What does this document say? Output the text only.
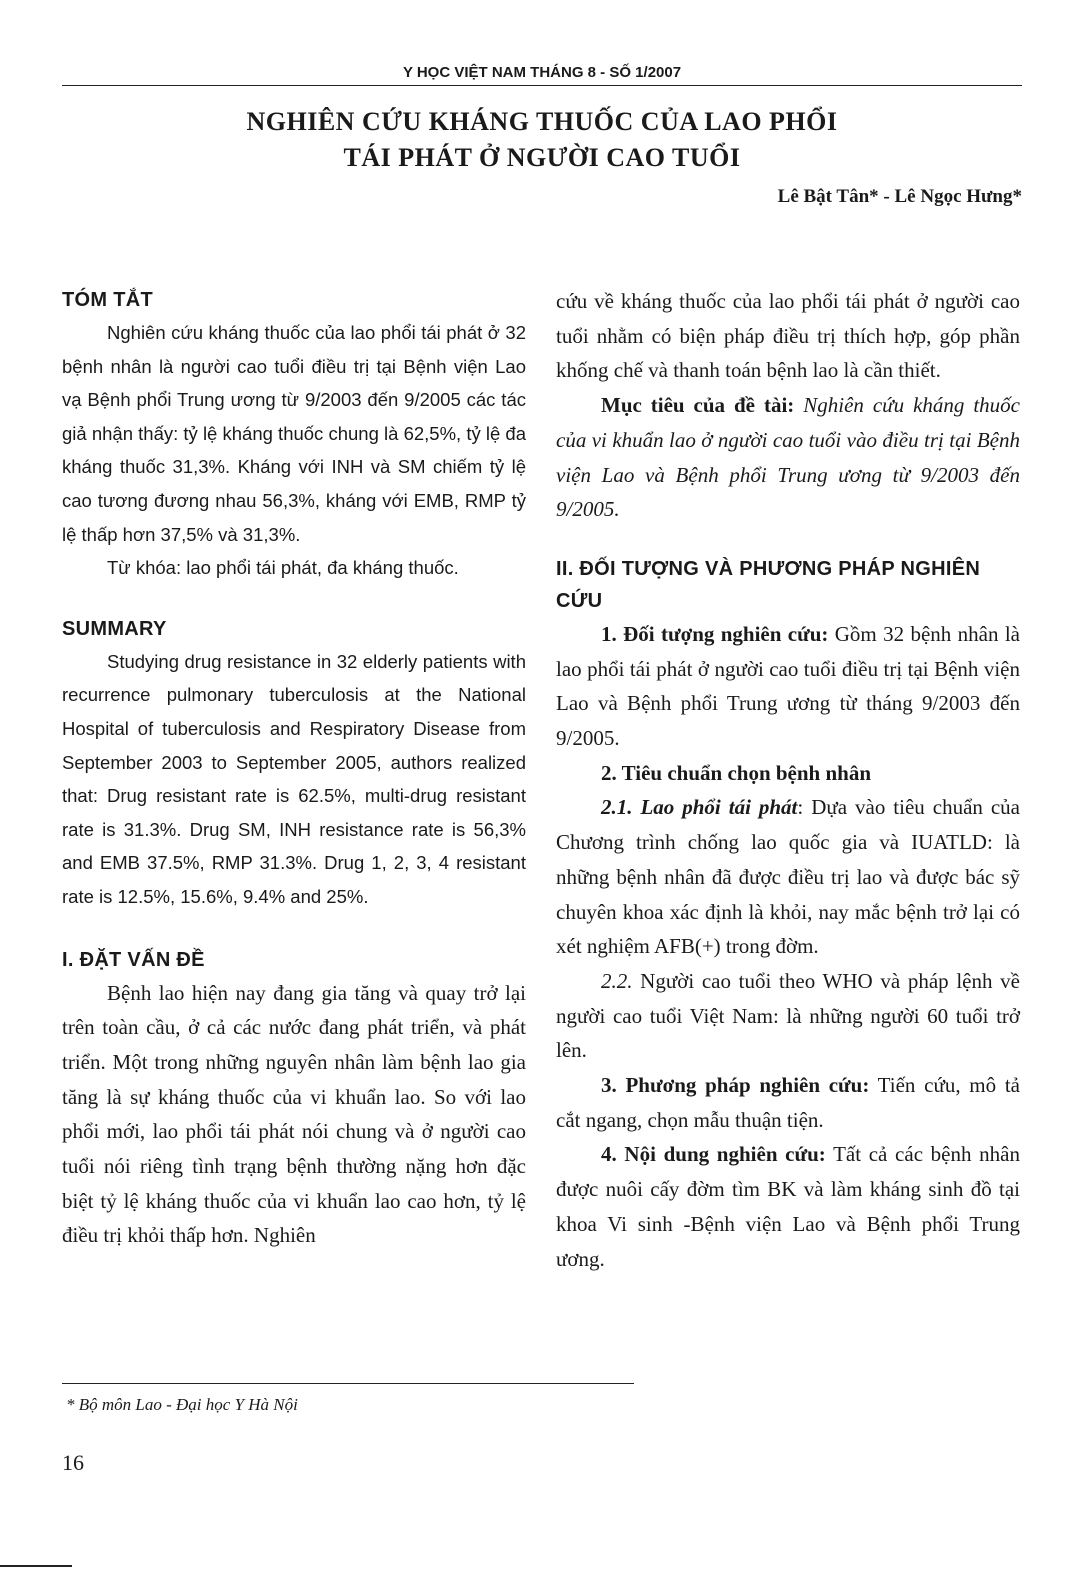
Y HỌC VIỆT NAM THÁNG 8 - SỐ 1/2007
NGHIÊN CỨU KHÁNG THUỐC CỦA LAO PHỔI
TÁI PHÁT Ở NGƯỜI CAO TUỔI
Lê Bật Tân* - Lê Ngọc Hưng*
TÓM TẮT

Nghiên cứu kháng thuốc của lao phổi tái phát ở 32 bệnh nhân là người cao tuổi điều trị tại Bệnh viện Lao vạ Bệnh phổi Trung ương từ 9/2003 đến 9/2005 các tác giả nhận thấy: tỷ lệ kháng thuốc chung là 62,5%, tỷ lệ đa kháng thuốc 31,3%. Kháng với INH và SM chiếm tỷ lệ cao tương đương nhau 56,3%, kháng với EMB, RMP tỷ lệ thấp hơn 37,5% và 31,3%.

Từ khóa: lao phổi tái phát, đa kháng thuốc.

SUMMARY

Studying drug resistance in 32 elderly patients with recurrence pulmonary tuberculosis at the National Hospital of tuberculosis and Respiratory Disease from September 2003 to September 2005, authors realized that: Drug resistant rate is 62.5%, multi-drug resistant rate is 31.3%. Drug SM, INH resistance rate is 56,3% and EMB 37.5%, RMP 31.3%. Drug 1, 2, 3, 4 resistant rate is 12.5%, 15.6%, 9.4% and 25%.

I. ĐẶT VẤN ĐỀ

Bệnh lao hiện nay đang gia tăng và quay trở lại trên toàn cầu, ở cả các nước đang phát triển, và phát triển. Một trong những nguyên nhân làm bệnh lao gia tăng là sự kháng thuốc của vi khuẩn lao. So với lao phổi mới, lao phổi tái phát nói chung và ở người cao tuổi nói riêng tình trạng bệnh thường nặng hơn đặc biệt tỷ lệ kháng thuốc của vi khuẩn lao cao hơn, tỷ lệ điều trị khỏi thấp hơn. Nghiên

cứu về kháng thuốc của lao phổi tái phát ở người cao tuổi nhằm có biện pháp điều trị thích hợp, góp phần khống chế và thanh toán bệnh lao là cần thiết.

Mục tiêu của đề tài: Nghiên cứu kháng thuốc của vi khuẩn lao ở người cao tuổi vào điều trị tại Bệnh viện Lao và Bệnh phổi Trung ương từ 9/2003 đến 9/2005.

II. ĐỐI TƯỢNG VÀ PHƯƠNG PHÁP NGHIÊN CỨU

1. Đối tượng nghiên cứu: Gồm 32 bệnh nhân là lao phổi tái phát ở người cao tuổi điều trị tại Bệnh viện Lao và Bệnh phổi Trung ương từ tháng 9/2003 đến 9/2005.

2. Tiêu chuẩn chọn bệnh nhân

2.1. Lao phổi tái phát: Dựa vào tiêu chuẩn của Chương trình chống lao quốc gia và IUATLD: là những bệnh nhân đã được điều trị lao và được bác sỹ chuyên khoa xác định là khỏi, nay mắc bệnh trở lại có xét nghiệm AFB(+) trong đờm.

2.2. Người cao tuổi theo WHO và pháp lệnh về người cao tuổi Việt Nam: là những người 60 tuổi trở lên.

3. Phương pháp nghiên cứu: Tiến cứu, mô tả cắt ngang, chọn mẫu thuận tiện.

4. Nội dung nghiên cứu: Tất cả các bệnh nhân được nuôi cấy đờm tìm BK và làm kháng sinh đồ tại khoa Vi sinh -Bệnh viện Lao và Bệnh phổi Trung ương.

* Bộ môn Lao - Đại học Y Hà Nội
16
